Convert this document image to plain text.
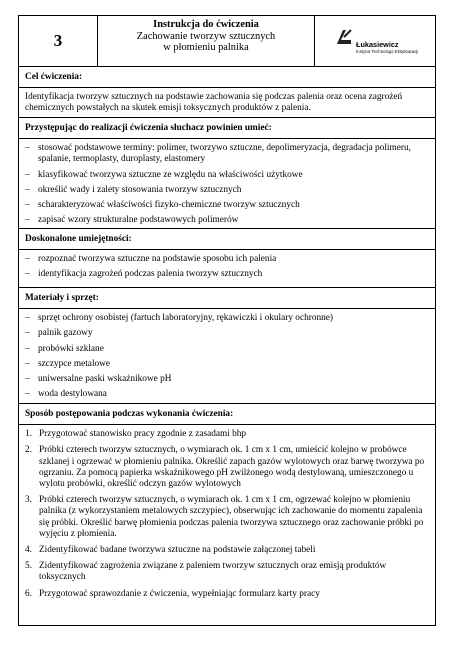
3
Instrukcja do ćwiczenia
Zachowanie tworzyw sztucznych
w płomieniu palnika	Łukasiewicz
Instytut Technologii Eksploatacji
Cel ćwiczenia:

Identyfikacja tworzyw sztucznych na podstawie zachowania się podczas palenia oraz ocena zagrożeń chemicznych powstałych na skutek emisji toksycznych produktów z palenia.

Przystępując do realizacji ćwiczenia słuchacz powinien umieć:
– stosować podstawowe terminy: polimer, tworzywo sztuczne, depolimeryzacja, degradacja polimeru, spalanie, termoplasty, duroplasty, elastomery
– klasyfikować tworzywa sztuczne ze względu na właściwości użytkowe
– określić wady i zalety stosowania tworzyw sztucznych
– scharakteryzować właściwości fizyko-chemiczne tworzyw sztucznych
– zapisać wzory strukturalne podstawowych polimerów
Doskonalone umiejętności:
– rozpoznać tworzywa sztuczne na podstawie sposobu ich palenia
– identyfikacja zagrożeń podczas palenia tworzyw sztucznych
Materiały i sprzęt:
– sprzęt ochrony osobistej (fartuch laboratoryjny, rękawiczki i okulary ochronne)
– palnik gazowy
– probówki szklane
– szczypce metalowe
– uniwersalne paski wskaźnikowe pH
– woda destylowana
Sposób postępowania podczas wykonania ćwiczenia:
1. Przygotować stanowisko pracy zgodnie z zasadami bhp
2. Próbki czterech tworzyw sztucznych, o wymiarach ok. 1 cm x 1 cm, umieścić kolejno w probówce szklanej i ogrzewać w płomieniu palnika. Określić zapach gazów wylotowych oraz barwę tworzywa po ogrzaniu. Za pomocą papierka wskaźnikowego pH zwilżonego wodą destylowaną, umieszczonego u wylotu probówki, określić odczyn gazów wylotowych
3. Próbki czterech tworzyw sztucznych, o wymiarach ok. 1 cm x 1 cm, ogrzewać kolejno w płomieniu palnika (z wykorzystaniem metalowych szczypiec), obserwując ich zachowanie do momentu zapalenia się próbki. Określić barwę płomienia podczas palenia tworzywa sztucznego oraz zachowanie próbki po wyjęciu z płomienia.
4. Zidentyfikować badane tworzywa sztuczne na podstawie załączonej tabeli
5. Zidentyfikować zagrożenia związane z paleniem tworzyw sztucznych oraz emisją produktów toksycznych
6. Przygotować sprawozdanie z ćwiczenia, wypełniając formularz karty pracy
